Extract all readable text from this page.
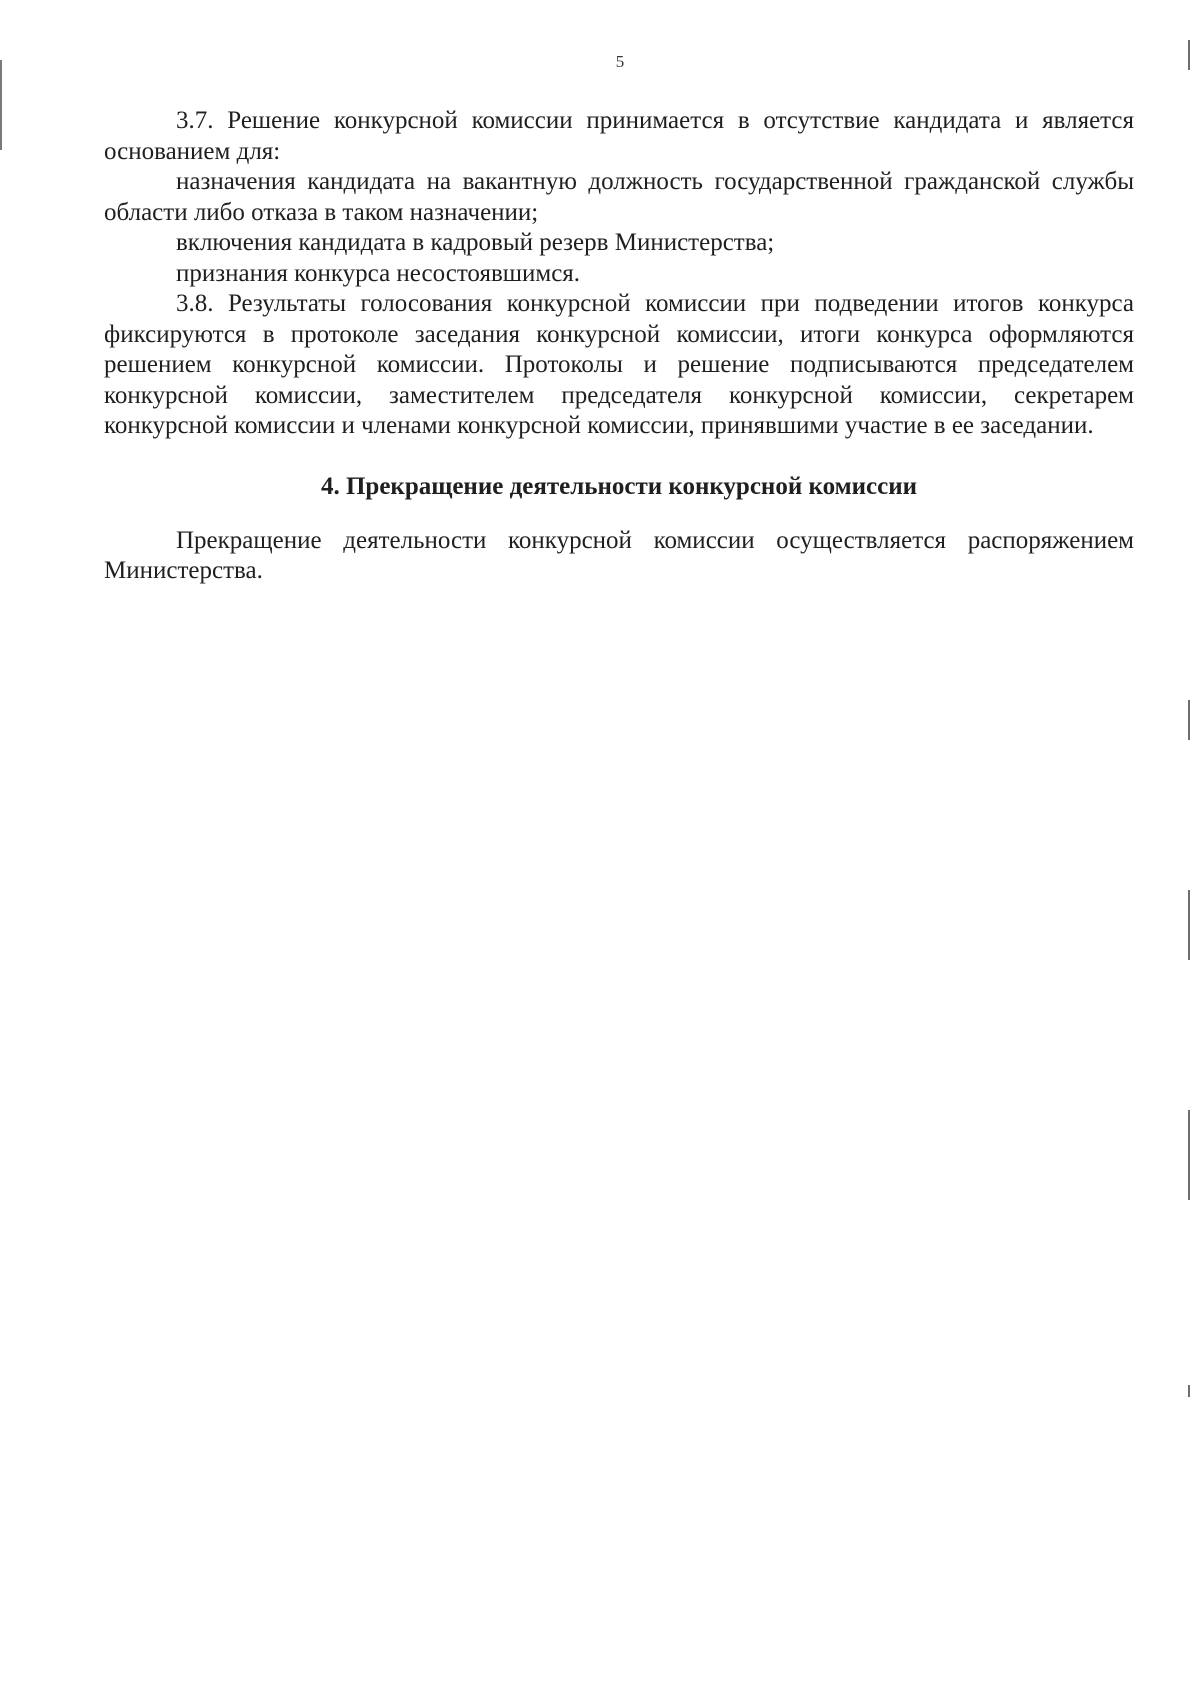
5

3.7. Решение конкурсной комиссии принимается в отсутствие кандидата и является основанием для:

назначения кандидата на вакантную должность государственной гражданской службы области либо отказа в таком назначении;

включения кандидата в кадровый резерв Министерства;

признания конкурса несостоявшимся.

3.8. Результаты голосования конкурсной комиссии при подведении итогов конкурса фиксируются в протоколе заседания конкурсной комиссии, итоги конкурса оформляются решением конкурсной комиссии. Протоколы и решение подписываются председателем конкурсной комиссии, заместителем председателя конкурсной комиссии, секретарем конкурсной комиссии и членами конкурсной комиссии, принявшими участие в ее заседании.

4. Прекращение деятельности конкурсной комиссии

Прекращение деятельности конкурсной комиссии осуществляется распоряжением Министерства.
